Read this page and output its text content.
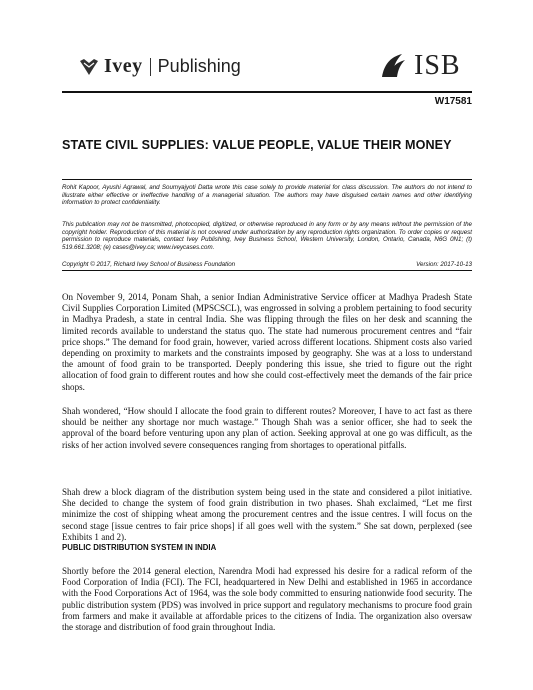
Ivey Publishing	ISB
W17581
STATE CIVIL SUPPLIES: VALUE PEOPLE, VALUE THEIR MONEY
Rohit Kapoor, Ayushi Agrawal, and Soumyajyoti Datta wrote this case solely to provide material for class discussion. The authors do not intend to illustrate either effective or ineffective handling of a managerial situation. The authors may have disguised certain names and other identifying information to protect confidentiality.
This publication may not be transmitted, photocopied, digitized, or otherwise reproduced in any form or by any means without the permission of the copyright holder. Reproduction of this material is not covered under authorization by any reproduction rights organization. To order copies or request permission to reproduce materials, contact Ivey Publishing, Ivey Business School, Western University, London, Ontario, Canada, N6G 0N1; (t) 519.661.3208; (e) cases@ivey.ca; www.iveycases.com.
Copyright © 2017, Richard Ivey School of Business Foundation	Version: 2017-10-13
On November 9, 2014, Ponam Shah, a senior Indian Administrative Service officer at Madhya Pradesh State Civil Supplies Corporation Limited (MPSCSCL), was engrossed in solving a problem pertaining to food security in Madhya Pradesh, a state in central India. She was flipping through the files on her desk and scanning the limited records available to understand the status quo. The state had numerous procurement centres and “fair price shops.” The demand for food grain, however, varied across different locations. Shipment costs also varied depending on proximity to markets and the constraints imposed by geography. She was at a loss to understand the amount of food grain to be transported. Deeply pondering this issue, she tried to figure out the right allocation of food grain to different routes and how she could cost-effectively meet the demands of the fair price shops.
Shah wondered, “How should I allocate the food grain to different routes? Moreover, I have to act fast as there should be neither any shortage nor much wastage.” Though Shah was a senior officer, she had to seek the approval of the board before venturing upon any plan of action. Seeking approval at one go was difficult, as the risks of her action involved severe consequences ranging from shortages to operational pitfalls.
Shah drew a block diagram of the distribution system being used in the state and considered a pilot initiative. She decided to change the system of food grain distribution in two phases. Shah exclaimed, “Let me first minimize the cost of shipping wheat among the procurement centres and the issue centres. I will focus on the second stage [issue centres to fair price shops] if all goes well with the system.” She sat down, perplexed (see Exhibits 1 and 2).
PUBLIC DISTRIBUTION SYSTEM IN INDIA
Shortly before the 2014 general election, Narendra Modi had expressed his desire for a radical reform of the Food Corporation of India (FCI). The FCI, headquartered in New Delhi and established in 1965 in accordance with the Food Corporations Act of 1964, was the sole body committed to ensuring nationwide food security. The public distribution system (PDS) was involved in price support and regulatory mechanisms to procure food grain from farmers and make it available at affordable prices to the citizens of India. The organization also oversaw the storage and distribution of food grain throughout India.
